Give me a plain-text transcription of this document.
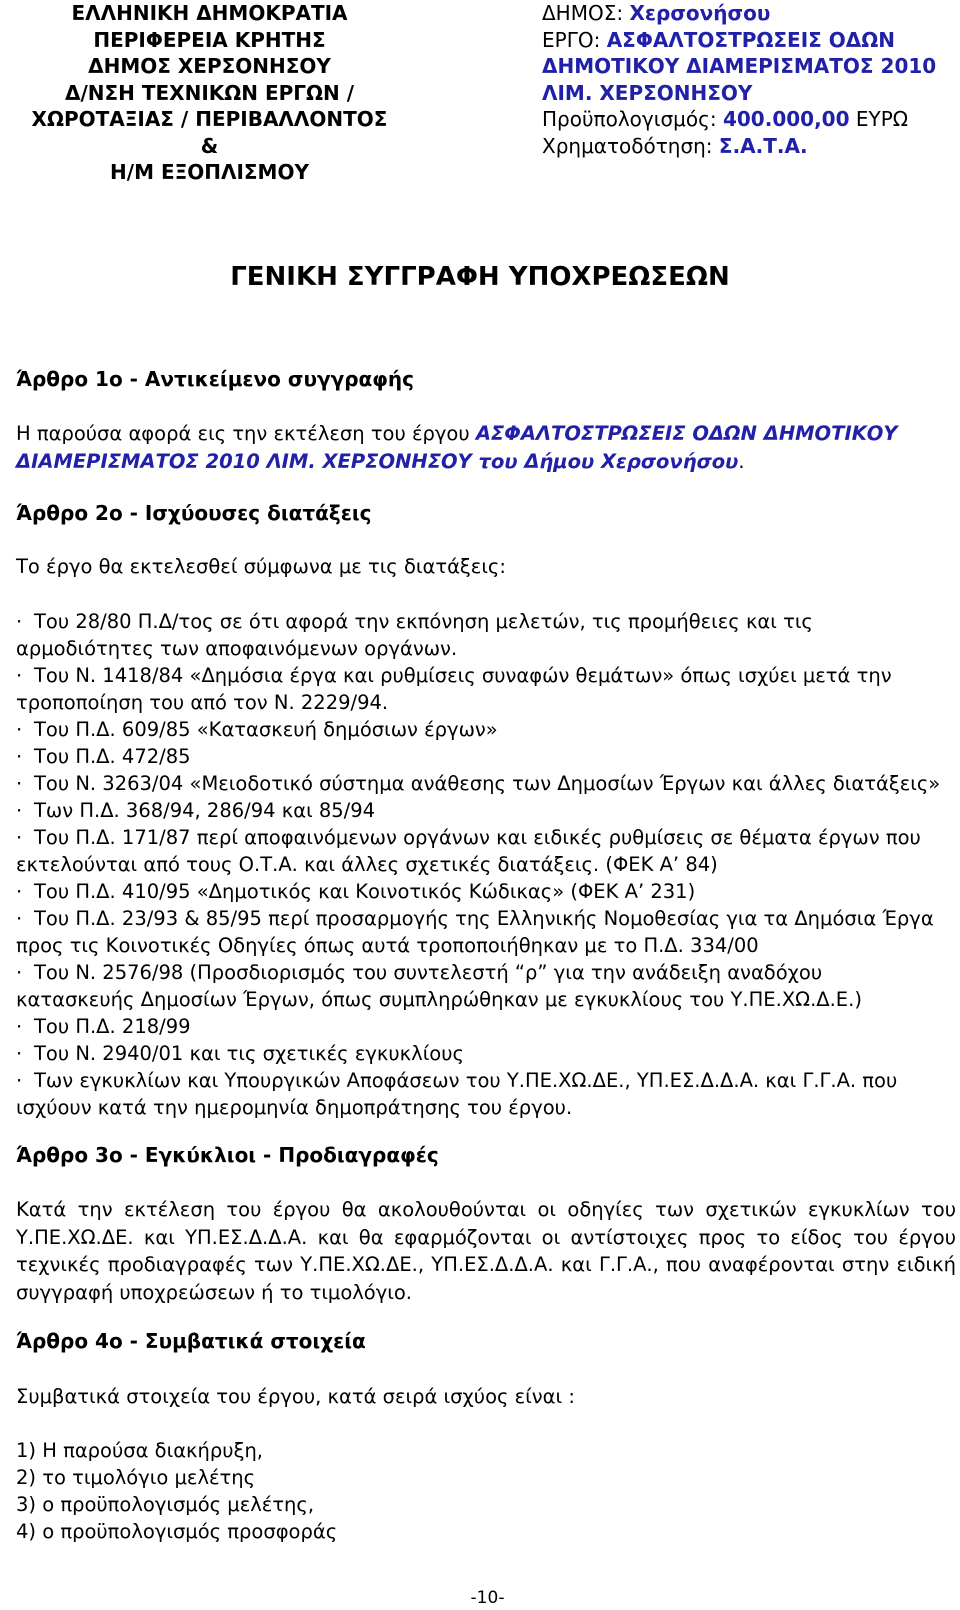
ΕΛΛΗΝΙΚΗ ΔΗΜΟΚΡΑΤΙΑ
ΠΕΡΙΦΕΡΕΙΑ ΚΡΗΤΗΣ
ΔΗΜΟΣ ΧΕΡΣΟΝΗΣΟΥ
Δ/ΝΣΗ ΤΕΧΝΙΚΩΝ ΕΡΓΩΝ /
ΧΩΡΟΤΑΞΙΑΣ / ΠΕΡΙΒΑΛΛΟΝΤΟΣ &
Η/Μ ΕΞΟΠΛΙΣΜΟΥ
ΔΗΜΟΣ: Χερσονήσου
ΕΡΓΟ: ΑΣΦΑΛΤΟΣΤΡΩΣΕΙΣ ΟΔΩΝ
ΔΗΜΟΤΙΚΟΥ ΔΙΑΜΕΡΙΣΜΑΤΟΣ 2010
ΛΙΜ. ΧΕΡΣΟΝΗΣΟΥ
Προϋπολογισμός: 400.000,00 ΕΥΡΩ
Χρηματοδότηση: Σ.Α.Τ.Α.
ΓΕΝΙΚΗ ΣΥΓΓΡΑΦΗ ΥΠΟΧΡΕΩΣΕΩΝ
Άρθρο 1ο - Αντικείμενο συγγραφής
Η παρούσα αφορά εις την εκτέλεση του έργου ΑΣΦΑΛΤΟΣΤΡΩΣΕΙΣ ΟΔΩΝ ΔΗΜΟΤΙΚΟΥ ΔΙΑΜΕΡΙΣΜΑΤΟΣ 2010 ΛΙΜ. ΧΕΡΣΟΝΗΣΟΥ του Δήμου Χερσονήσου.
Άρθρο 2ο - Ισχύουσες διατάξεις
Το έργο θα εκτελεσθεί σύμφωνα με τις διατάξεις:
· Του 28/80 Π.Δ/τος σε ότι αφορά την εκπόνηση μελετών, τις προμήθειες και τις
αρμοδιότητες των αποφαινόμενων οργάνων.
· Του Ν. 1418/84 «Δημόσια έργα και ρυθμίσεις συναφών θεμάτων» όπως ισχύει μετά την
τροποποίηση του από τον Ν. 2229/94.
· Του Π.Δ. 609/85 «Κατασκευή δημόσιων έργων»
· Του Π.Δ. 472/85
· Του Ν. 3263/04 «Μειοδοτικό σύστημα ανάθεσης των Δημοσίων Έργων και άλλες διατάξεις»
· Των Π.Δ. 368/94, 286/94 και 85/94
· Του Π.Δ. 171/87 περί αποφαινόμενων οργάνων και ειδικές ρυθμίσεις σε θέματα έργων που
εκτελούνται από τους Ο.Τ.Α. και άλλες σχετικές διατάξεις. (ΦΕΚ Α’ 84)
· Του Π.Δ. 410/95 «Δημοτικός και Κοινοτικός Κώδικας» (ΦΕΚ Α’ 231)
· Του Π.Δ. 23/93 & 85/95 περί προσαρμογής της Ελληνικής Νομοθεσίας για τα Δημόσια Έργα
προς τις Κοινοτικές Οδηγίες όπως αυτά τροποποιήθηκαν με το Π.Δ. 334/00
· Του Ν. 2576/98 (Προσδιορισμός του συντελεστή “ρ” για την ανάδειξη αναδόχου
κατασκευής Δημοσίων Έργων, όπως συμπληρώθηκαν με εγκυκλίους του Υ.ΠΕ.ΧΩ.Δ.Ε.)
· Του Π.Δ. 218/99
· Του Ν. 2940/01 και τις σχετικές εγκυκλίους
· Των εγκυκλίων και Υπουργικών Αποφάσεων του Υ.ΠΕ.ΧΩ.ΔΕ., ΥΠ.ΕΣ.Δ.Δ.Α. και Γ.Γ.Α. που
ισχύουν κατά την ημερομηνία δημοπράτησης του έργου.
Άρθρο 3ο - Εγκύκλιοι - Προδιαγραφές
Κατά την εκτέλεση του έργου θα ακολουθούνται οι οδηγίες των σχετικών εγκυκλίων του Υ.ΠΕ.ΧΩ.ΔΕ. και ΥΠ.ΕΣ.Δ.Δ.Α. και θα εφαρμόζονται οι αντίστοιχες προς το είδος του έργου τεχνικές προδιαγραφές των Υ.ΠΕ.ΧΩ.ΔΕ., ΥΠ.ΕΣ.Δ.Δ.Α. και Γ.Γ.Α., που αναφέρονται στην ειδική συγγραφή υποχρεώσεων ή το τιμολόγιο.
Άρθρο 4ο - Συμβατικά στοιχεία
Συμβατικά στοιχεία του έργου, κατά σειρά ισχύος είναι :
1) Η παρούσα διακήρυξη,
2) το τιμολόγιο μελέτης
3) ο προϋπολογισμός μελέτης,
4) ο προϋπολογισμός προσφοράς
-10-
